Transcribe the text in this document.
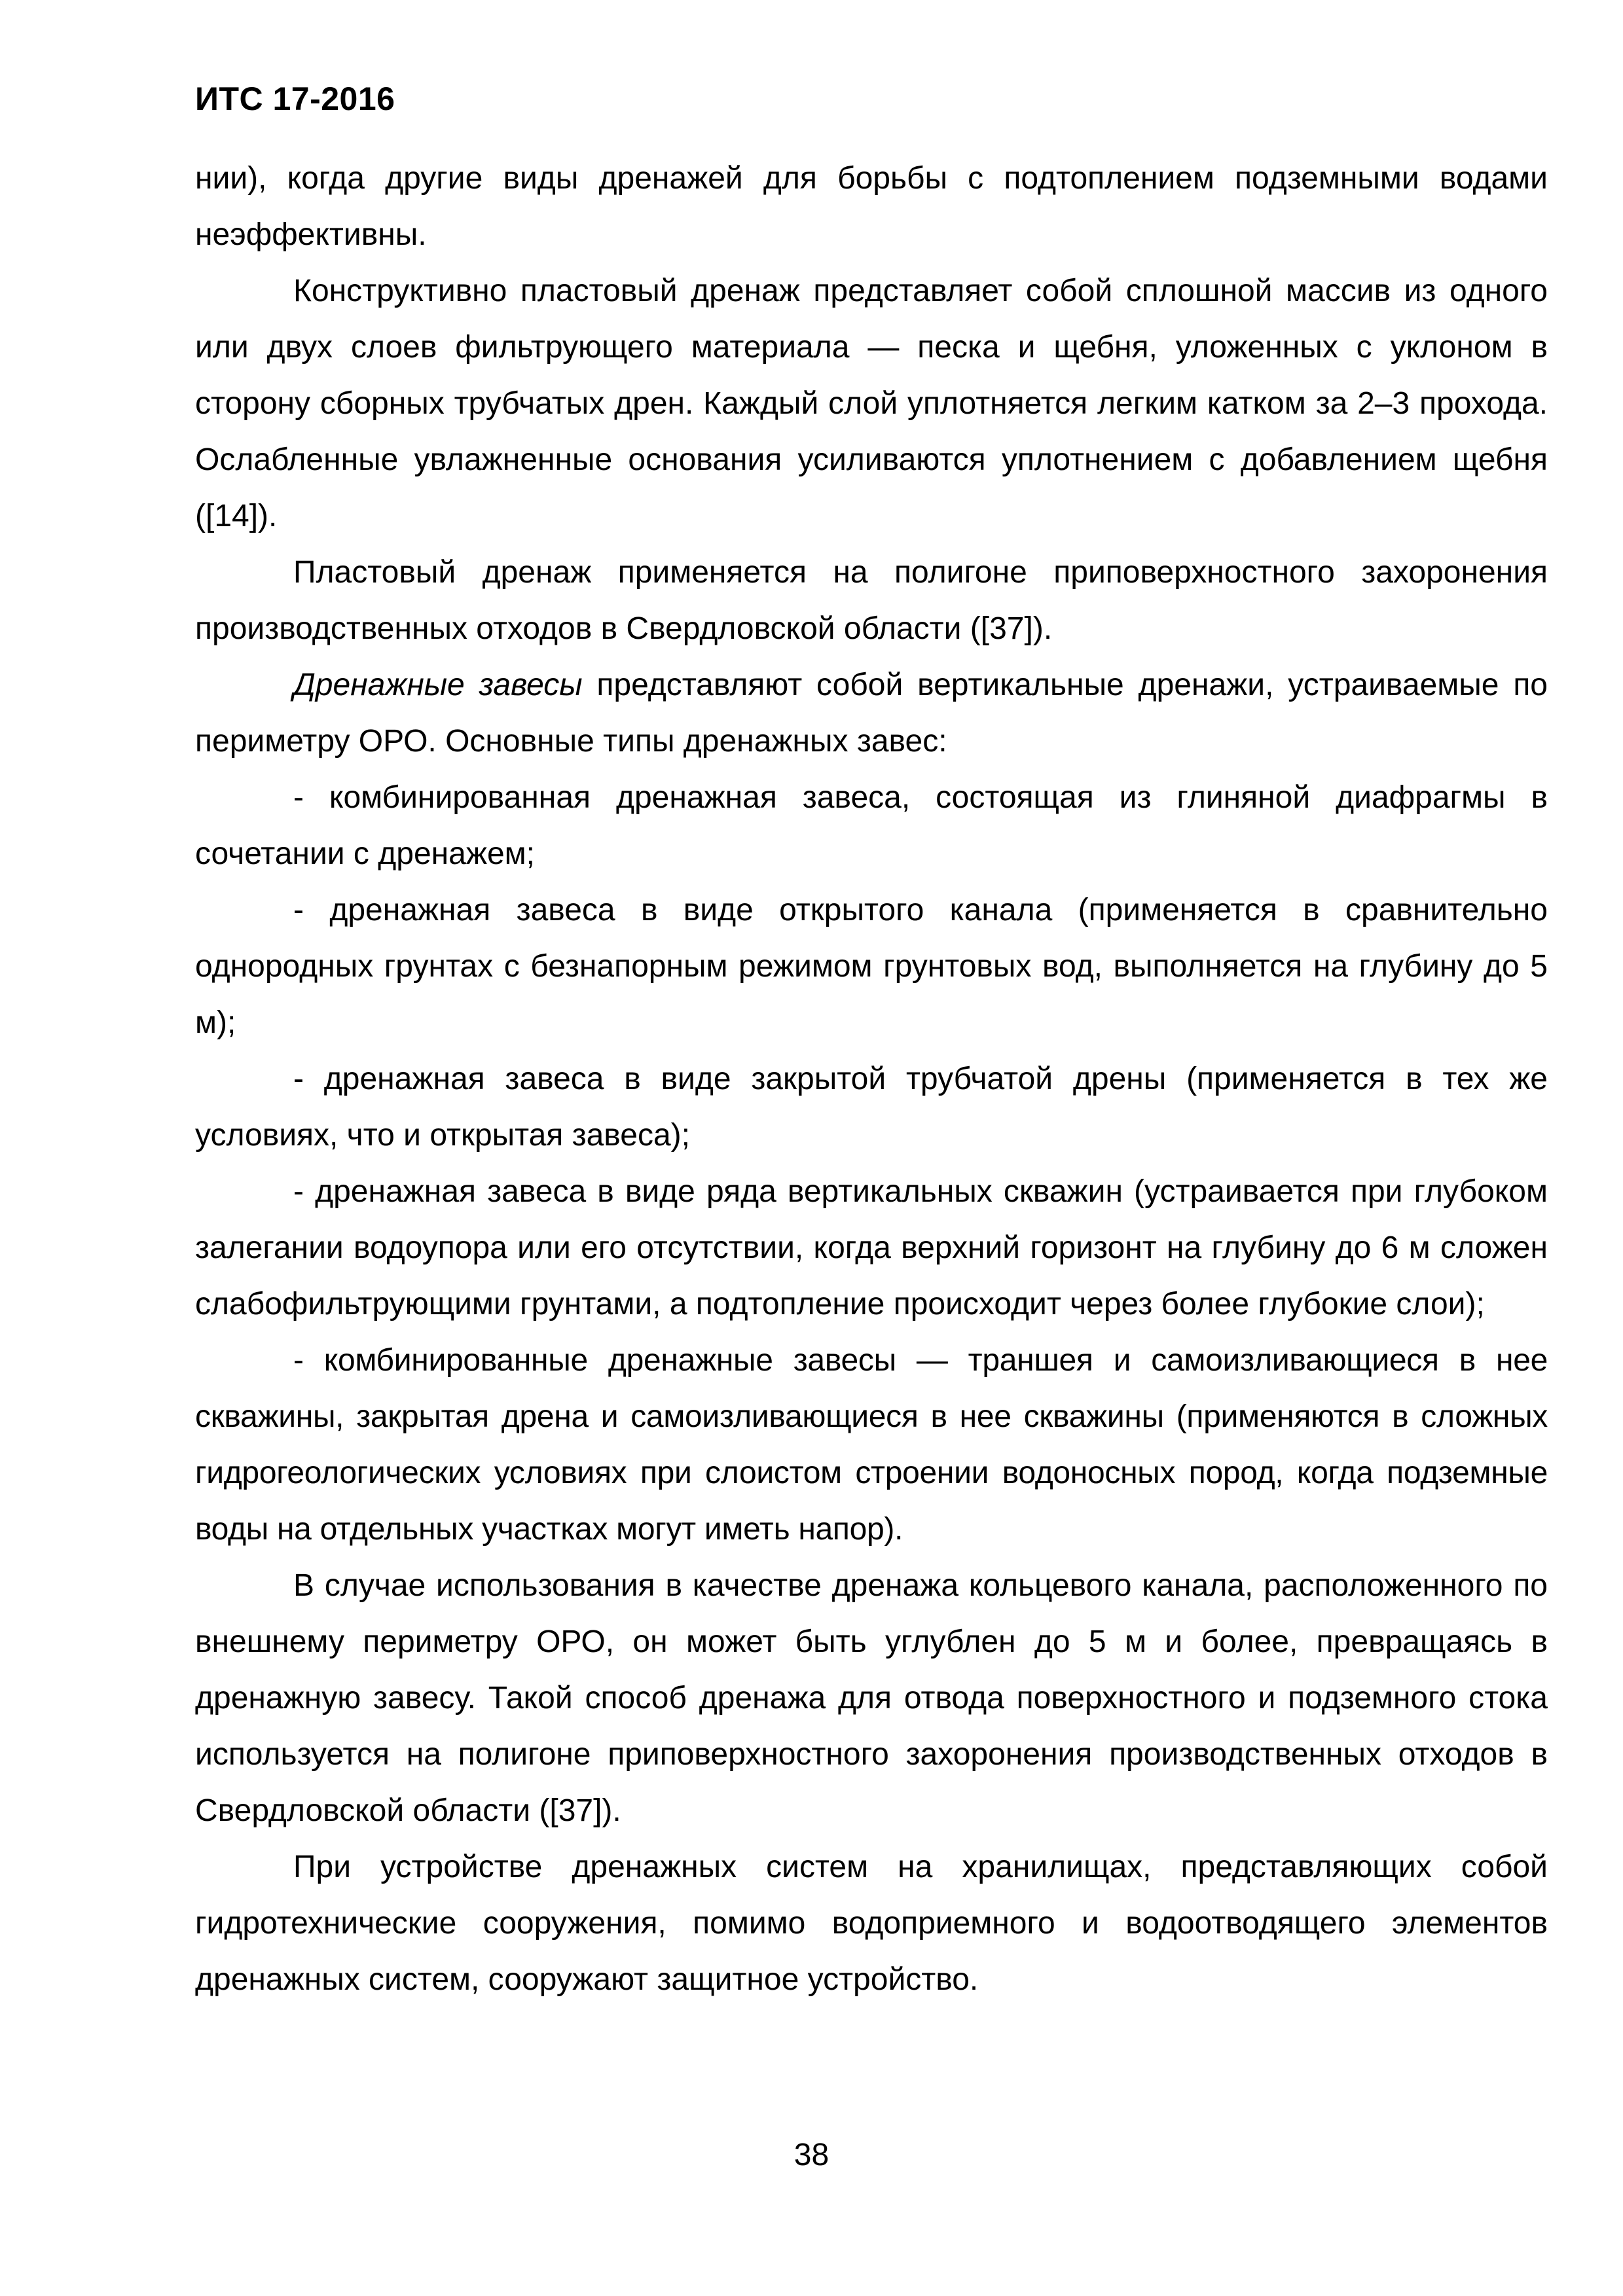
ИТС 17-2016

нии), когда другие виды дренажей для борьбы с подтоплением подземными водами неэффективны.

Конструктивно пластовый дренаж представляет собой сплошной массив из одного или двух слоев фильтрующего материала — песка и щебня, уложенных с уклоном в сторону сборных трубчатых дрен. Каждый слой уплотняется легким катком за 2–3 прохода. Ослабленные увлажненные основания усиливаются уплотнением с добавлением щебня ([14]).

Пластовый дренаж применяется на полигоне приповерхностного захоронения производственных отходов в Свердловской области ([37]).

Дренажные завесы представляют собой вертикальные дренажи, устраиваемые по периметру ОРО. Основные типы дренажных завес:

- комбинированная дренажная завеса, состоящая из глиняной диафрагмы в сочетании с дренажем;

- дренажная завеса в виде открытого канала (применяется в сравнительно однородных грунтах с безнапорным режимом грунтовых вод, выполняется на глубину до 5 м);

- дренажная завеса в виде закрытой трубчатой дрены (применяется в тех же условиях, что и открытая завеса);

- дренажная завеса в виде ряда вертикальных скважин (устраивается при глубоком залегании водоупора или его отсутствии, когда верхний горизонт на глубину до 6 м сложен слабофильтрующими грунтами, а подтопление происходит через более глубокие слои);

- комбинированные дренажные завесы — траншея и самоизливающиеся в нее скважины, закрытая дрена и самоизливающиеся в нее скважины (применяются в сложных гидрогеологических условиях при слоистом строении водоносных пород, когда подземные воды на отдельных участках могут иметь напор).

В случае использования в качестве дренажа кольцевого канала, расположенного по внешнему периметру ОРО, он может быть углублен до 5 м и более, превращаясь в дренажную завесу. Такой способ дренажа для отвода поверхностного и подземного стока используется на полигоне приповерхностного захоронения производственных отходов в Свердловской области ([37]).

При устройстве дренажных систем на хранилищах, представляющих собой гидротехнические сооружения, помимо водоприемного и водоотводящего элементов дренажных систем, сооружают защитное устройство.

38
